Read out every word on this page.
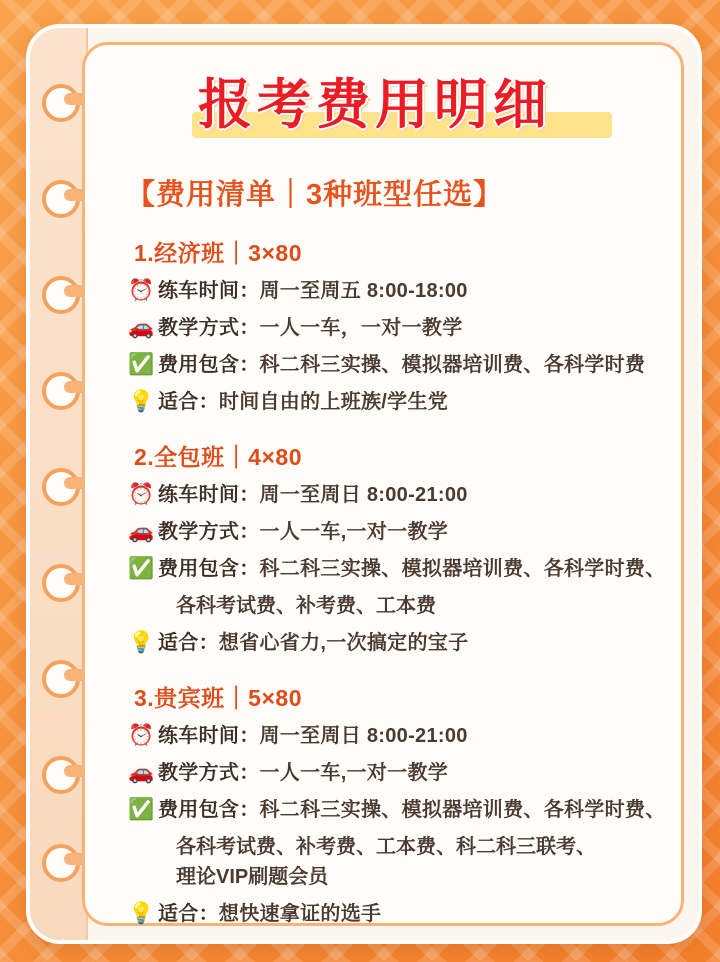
报考费用明细
【费用清单｜3种班型任选】
1.经济班｜3×80
⏰ 练车时间：周一至周五 8:00-18:00
🚗 教学方式：一人一车，一对一教学
✅ 费用包含：科二科三实操、模拟器培训费、各科学时费
💡 适合：时间自由的上班族/学生党
2.全包班｜4×80
⏰ 练车时间：周一至周日 8:00-21:00
🚗 教学方式：一人一车,一对一教学
✅ 费用包含：科二科三实操、模拟器培训费、各科学时费、
各科考试费、补考费、工本费
💡 适合：想省心省力,一次搞定的宝子
3.贵宾班｜5×80
⏰ 练车时间：周一至周日 8:00-21:00
🚗 教学方式：一人一车,一对一教学
✅ 费用包含：科二科三实操、模拟器培训费、各科学时费、
各科考试费、补考费、工本费、科二科三联考、
理论VIP刷题会员
💡 适合：想快速拿证的选手
